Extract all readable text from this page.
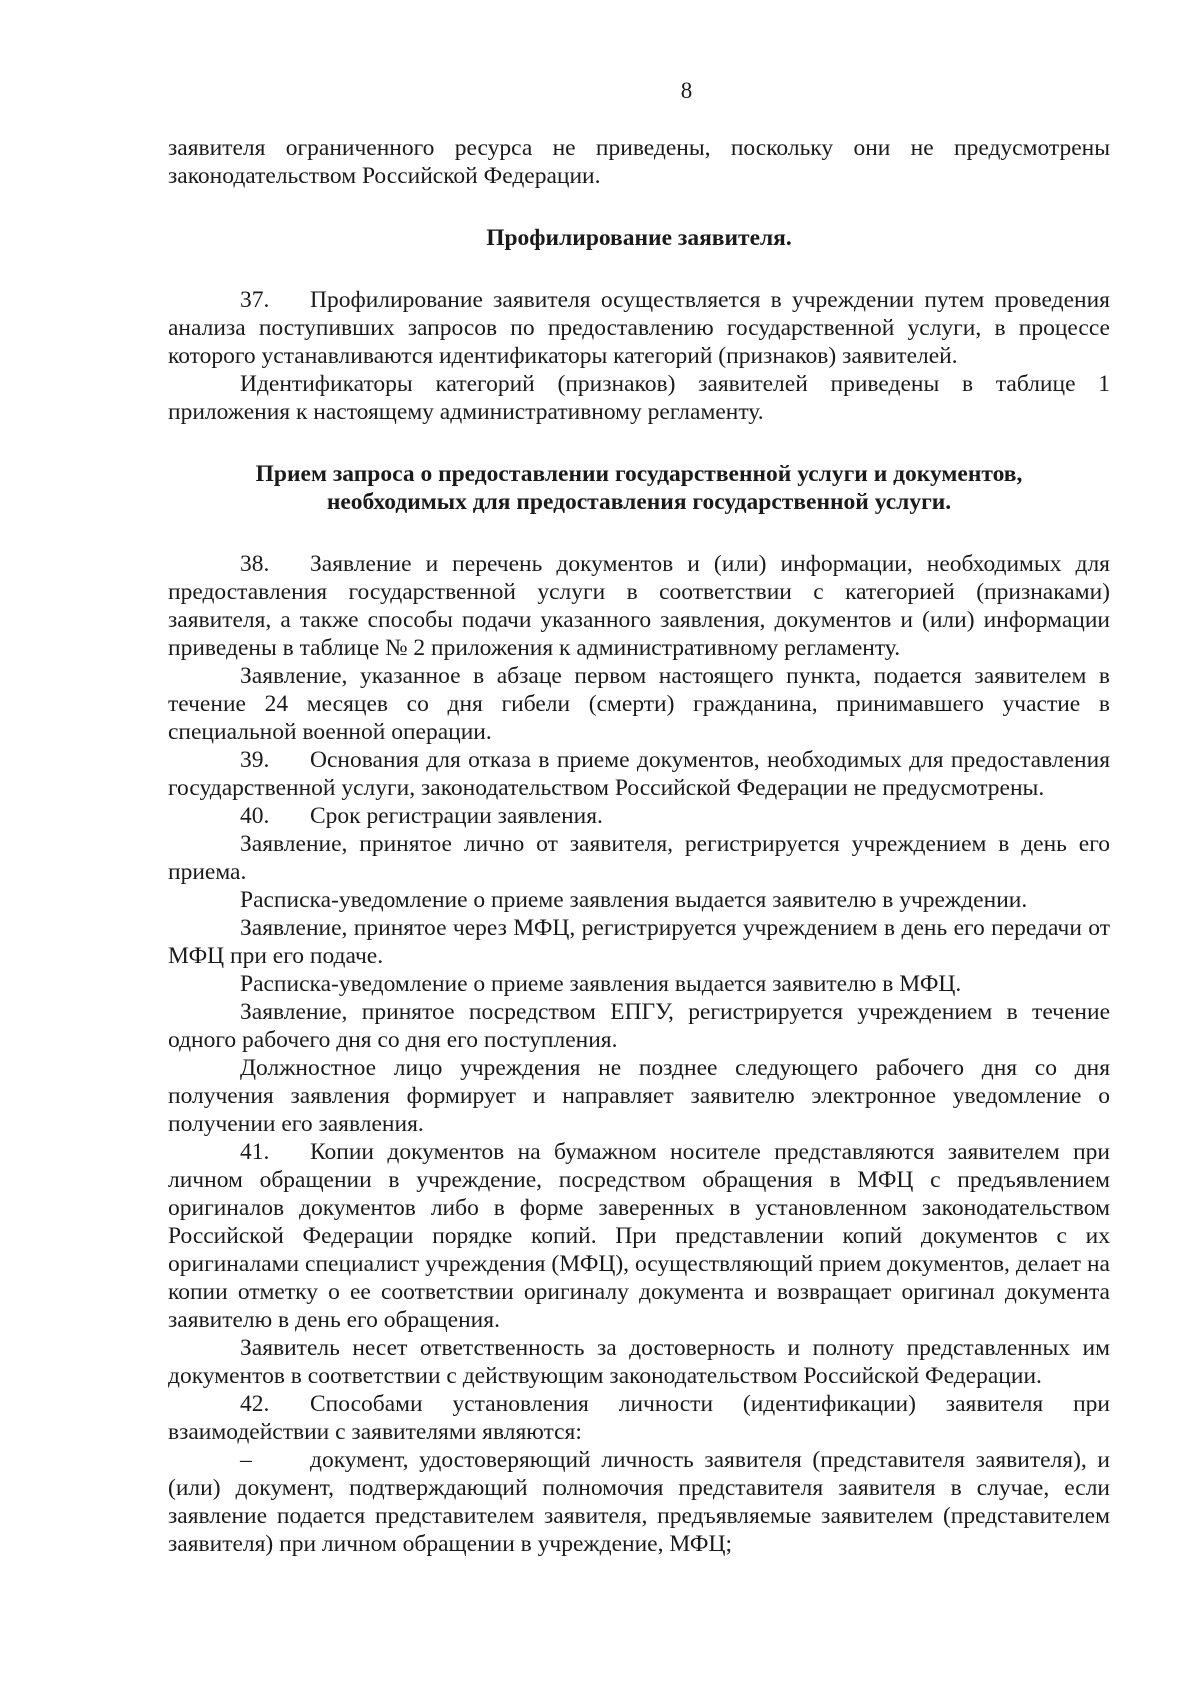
8

заявителя ограниченного ресурса не приведены, поскольку они не предусмотрены законодательством Российской Федерации.

Профилирование заявителя.

37. Профилирование заявителя осуществляется в учреждении путем проведения анализа поступивших запросов по предоставлению государственной услуги, в процессе которого устанавливаются идентификаторы категорий (признаков) заявителей.

Идентификаторы категорий (признаков) заявителей приведены в таблице 1 приложения к настоящему административному регламенту.

Прием запроса о предоставлении государственной услуги и документов,

необходимых для предоставления государственной услуги.

38. Заявление и перечень документов и (или) информации, необходимых для предоставления государственной услуги в соответствии с категорией (признаками) заявителя, а также способы подачи указанного заявления, документов и (или) информации приведены в таблице № 2 приложения к административному регламенту.

Заявление, указанное в абзаце первом настоящего пункта, подается заявителем в течение 24 месяцев со дня гибели (смерти) гражданина, принимавшего участие в специальной военной операции.

39. Основания для отказа в приеме документов, необходимых для предоставления государственной услуги, законодательством Российской Федерации не предусмотрены.

40. Срок регистрации заявления.

Заявление, принятое лично от заявителя, регистрируется учреждением в день его приема.

Расписка-уведомление о приеме заявления выдается заявителю в учреждении.

Заявление, принятое через МФЦ, регистрируется учреждением в день его передачи от МФЦ при его подаче.

Расписка-уведомление о приеме заявления выдается заявителю в МФЦ.

Заявление, принятое посредством ЕПГУ, регистрируется учреждением в течение одного рабочего дня со дня его поступления.

Должностное лицо учреждения не позднее следующего рабочего дня со дня получения заявления формирует и направляет заявителю электронное уведомление о получении его заявления.

41. Копии документов на бумажном носителе представляются заявителем при личном обращении в учреждение, посредством обращения в МФЦ с предъявлением оригиналов документов либо в форме заверенных в установленном законодательством Российской Федерации порядке копий. При представлении копий документов с их оригиналами специалист учреждения (МФЦ), осуществляющий прием документов, делает на копии отметку о ее соответствии оригиналу документа и возвращает оригинал документа заявителю в день его обращения.

Заявитель несет ответственность за достоверность и полноту представленных им документов в соответствии с действующим законодательством Российской Федерации.

42. Способами установления личности (идентификации) заявителя при взаимодействии с заявителями являются:

– документ, удостоверяющий личность заявителя (представителя заявителя), и (или) документ, подтверждающий полномочия представителя заявителя в случае, если заявление подается представителем заявителя, предъявляемые заявителем (представителем заявителя) при личном обращении в учреждение, МФЦ;
